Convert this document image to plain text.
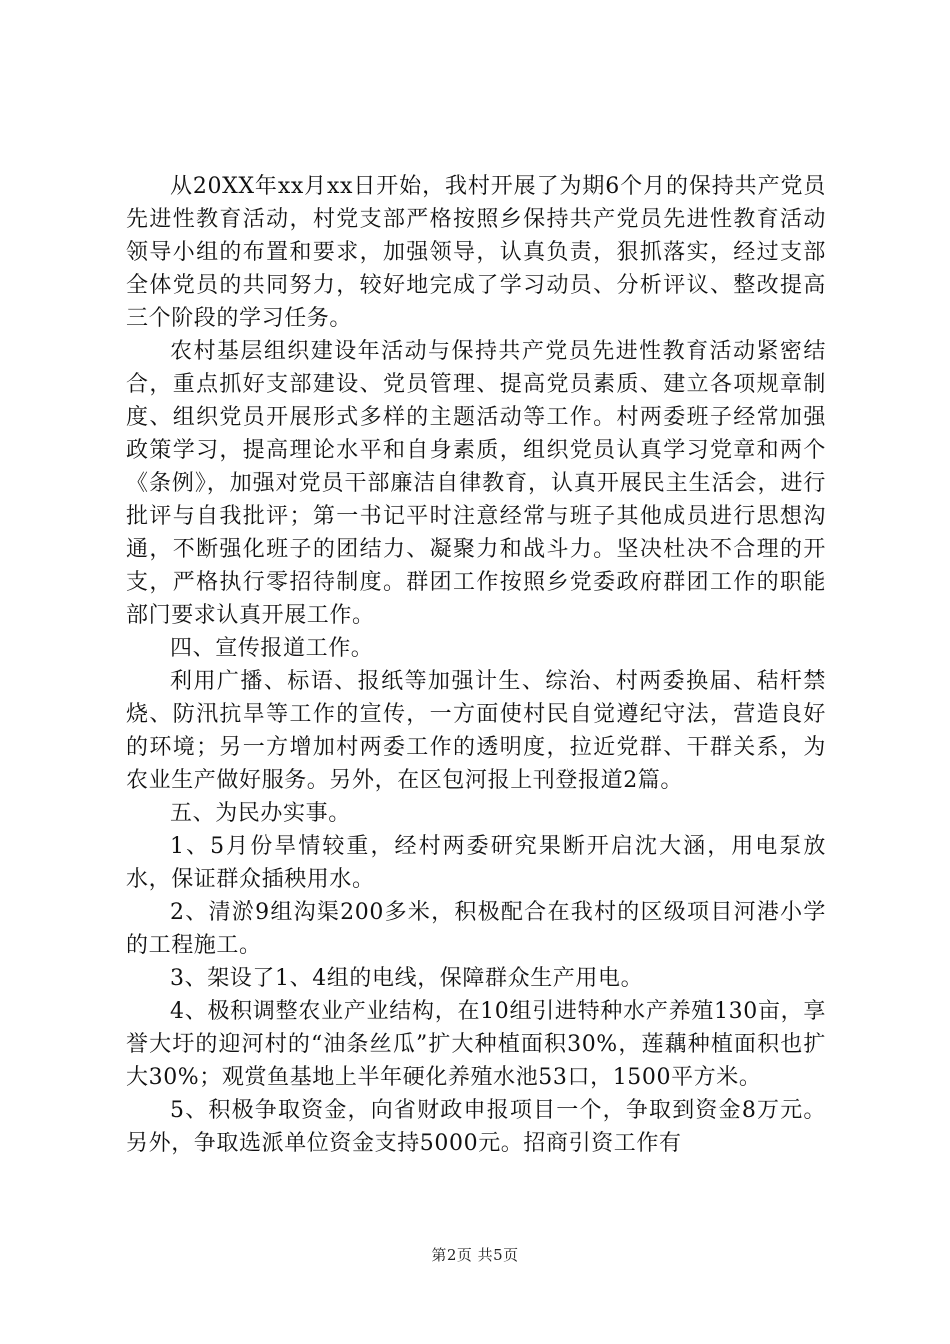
从20XX年xx月xx日开始，我村开展了为期6个月的保持共产党员先进性教育活动，村党支部严格按照乡保持共产党员先进性教育活动领导小组的布置和要求，加强领导，认真负责，狠抓落实，经过支部全体党员的共同努力，较好地完成了学习动员、分析评议、整改提高三个阶段的学习任务。

农村基层组织建设年活动与保持共产党员先进性教育活动紧密结合，重点抓好支部建设、党员管理、提高党员素质、建立各项规章制度、组织党员开展形式多样的主题活动等工作。村两委班子经常加强政策学习，提高理论水平和自身素质，组织党员认真学习党章和两个《条例》，加强对党员干部廉洁自律教育，认真开展民主生活会，进行批评与自我批评；第一书记平时注意经常与班子其他成员进行思想沟通，不断强化班子的团结力、凝聚力和战斗力。坚决杜决不合理的开支，严格执行零招待制度。群团工作按照乡党委政府群团工作的职能部门要求认真开展工作。

四、宣传报道工作。

利用广播、标语、报纸等加强计生、综治、村两委换届、秸杆禁烧、防汛抗旱等工作的宣传，一方面使村民自觉遵纪守法，营造良好的环境；另一方增加村两委工作的透明度，拉近党群、干群关系，为农业生产做好服务。另外，在区包河报上刊登报道2篇。

五、为民办实事。

1、5月份旱情较重，经村两委研究果断开启沈大涵，用电泵放水，保证群众插秧用水。

2、清淤9组沟渠200多米，积极配合在我村的区级项目河港小学的工程施工。

3、架设了1、4组的电线，保障群众生产用电。

4、极积调整农业产业结构，在10组引进特种水产养殖130亩，享誉大圩的迎河村的“油条丝瓜”扩大种植面积30%，莲藕种植面积也扩大30%；观赏鱼基地上半年硬化养殖水池53口，1500平方米。

5、积极争取资金，向省财政申报项目一个，争取到资金8万元。另外，争取选派单位资金支持5000元。招商引资工作有

第2页 共5页
